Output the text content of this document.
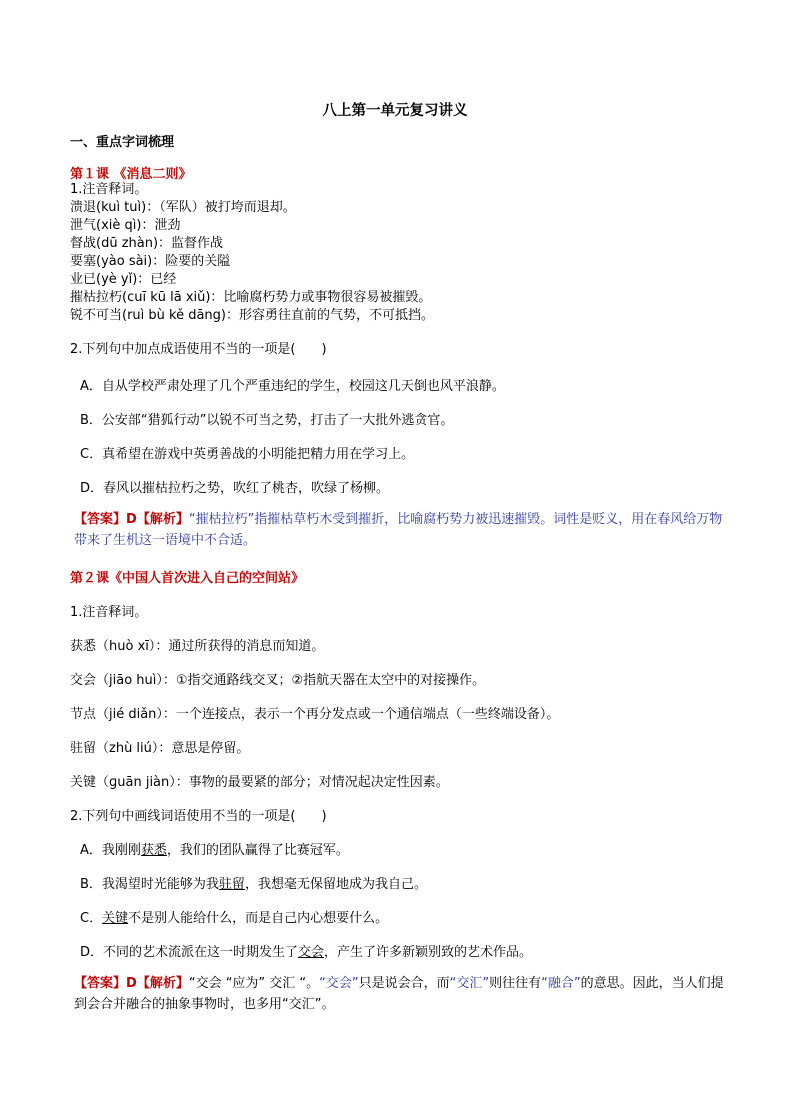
八上第一单元复习讲义
一、重点字词梳理
第１课 《消息二则》
1.注音释词。
溃退(kuì tuì)：（军队）被打垮而退却。
泄气(xiè qì)：泄劲
督战(dū zhàn)：监督作战
要塞(yào sài)：险要的关隘
业已(yè yǐ)：已经
摧枯拉朽(cuī kū lā xiǔ)：比喻腐朽势力或事物很容易被摧毁。
锐不可当(ruì bù kě dāng)：形容勇往直前的气势，不可抵挡。
2.下列句中加点成语使用不当的一项是(　　)
A．自从学校严肃处理了几个严重违纪的学生，校园这几天倒也风平浪静。
B．公安部“猎狐行动”以锐不可当之势，打击了一大批外逃贪官。
C．真希望在游戏中英勇善战的小明能把精力用在学习上。
D．春风以摧枯拉朽之势，吹红了桃杏，吹绿了杨柳。
【答案】D【解析】“摧枯拉朽”指摧枯草朽木受到摧折，比喻腐朽势力被迅速摧毁。词性是贬义，用在春风给万物带来了生机这一语境中不合适。
第２课《中国人首次进入自己的空间站》
1.注音释词。
获悉（huò xī）：通过所获得的消息而知道。
交会（jiāo huì）：①指交通路线交叉；②指航天器在太空中的对接操作。
节点（jié diǎn）：一个连接点，表示一个再分发点或一个通信端点（一些终端设备）。
驻留（zhù liú）：意思是停留。
关键（ɡuān jiàn）：事物的最要紧的部分；对情况起决定性因素。
2.下列句中画线词语使用不当的一项是(　　)
A．我刚刚获悉，我们的团队赢得了比赛冠军。
B．我渴望时光能够为我驻留，我想毫无保留地成为我自己。
C．关键不是别人能给什么，而是自己内心想要什么。
D．不同的艺术流派在这一时期发生了交会，产生了许多新颖别致的艺术作品。
【答案】D【解析】“交会 “应为” 交汇 “。“交会”只是说会合，而“交汇”则往往有“融合”的意思。因此，当人们提到会合并融合的抽象事物时，也多用“交汇”。
